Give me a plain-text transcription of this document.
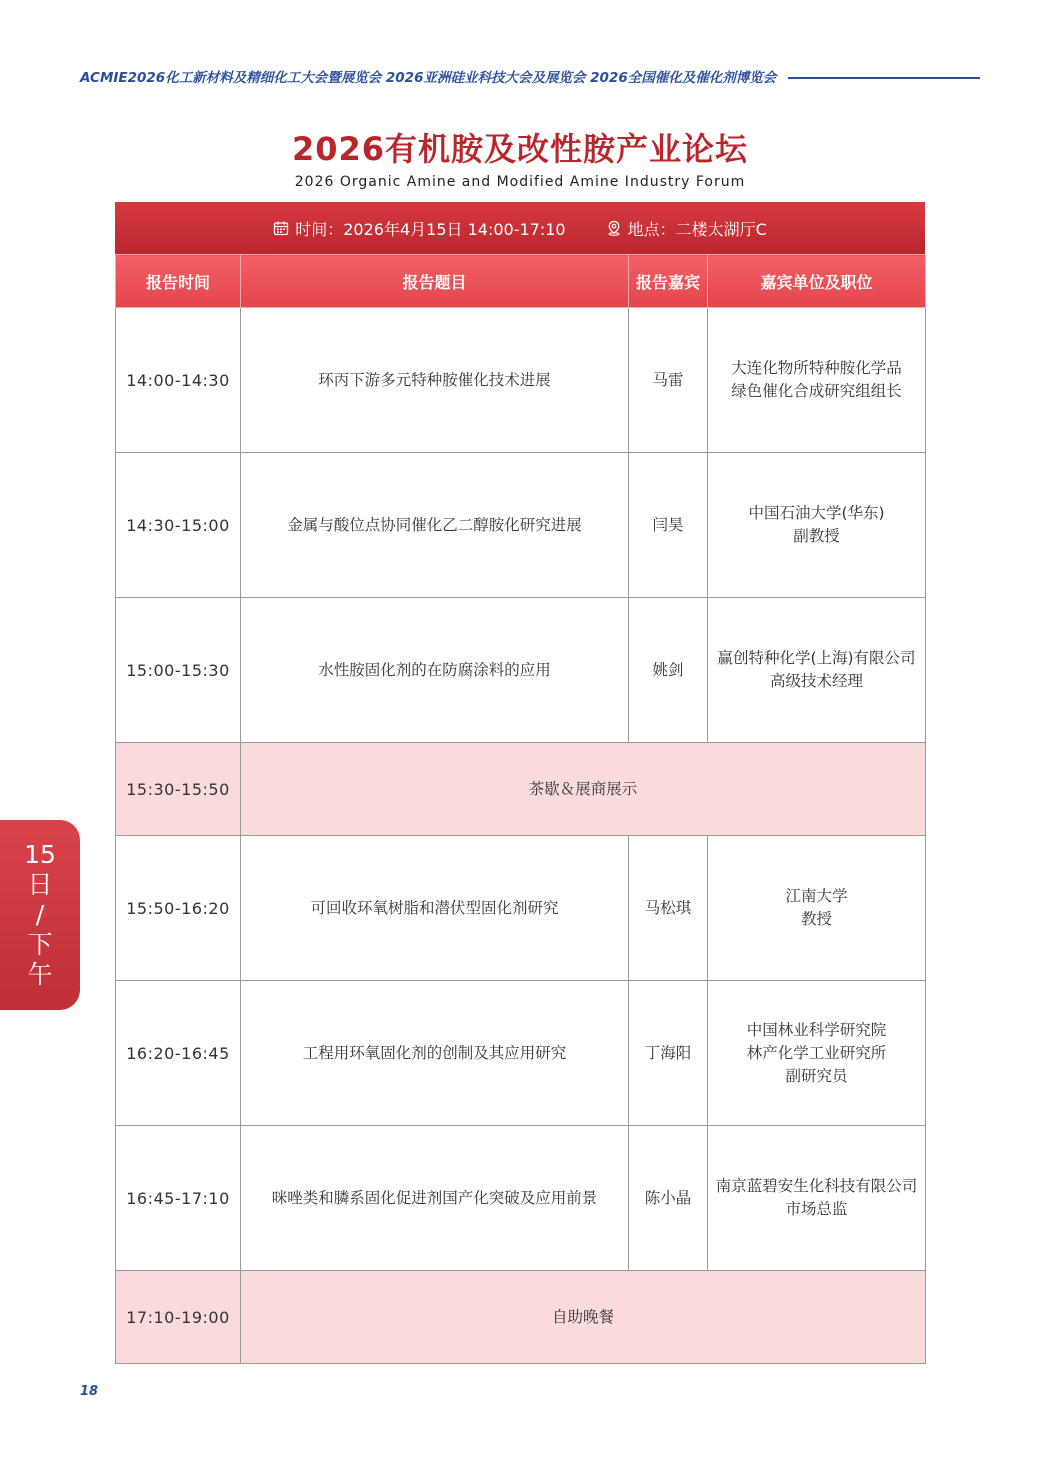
ACMIE2026化工新材料及精细化工大会暨展览会 2026亚洲硅业科技大会及展览会 2026全国催化及催化剂博览会
2026有机胺及改性胺产业论坛
2026 Organic Amine and Modified Amine Industry Forum
时间：2026年4月15日 14:00-17:10	地点：二楼太湖厅C
报告时间	报告题目	报告嘉宾	嘉宾单位及职位
14:00-14:30	环丙下游多元特种胺催化技术进展	马雷	大连化物所特种胺化学品
绿色催化合成研究组组长

14:30-15:00	金属与酸位点协同催化乙二醇胺化研究进展	闫昊	中国石油大学(华东)
副教授

15:00-15:30	水性胺固化剂的在防腐涂料的应用	姚剑	赢创特种化学(上海)有限公司
高级技术经理

15:30-15:50	茶歇＆展商展示		
15:50-16:20	可回收环氧树脂和潜伏型固化剂研究	马松琪	江南大学
教授

16:20-16:45	工程用环氧固化剂的创制及其应用研究	丁海阳	中国林业科学研究院
林产化学工业研究所
副研究员

16:45-17:10	咪唑类和膦系固化促进剂国产化突破及应用前景	陈小晶	南京蓝碧安生化科技有限公司
市场总监

17:10-19:00	自助晚餐		
15
日
/
下
午
18
